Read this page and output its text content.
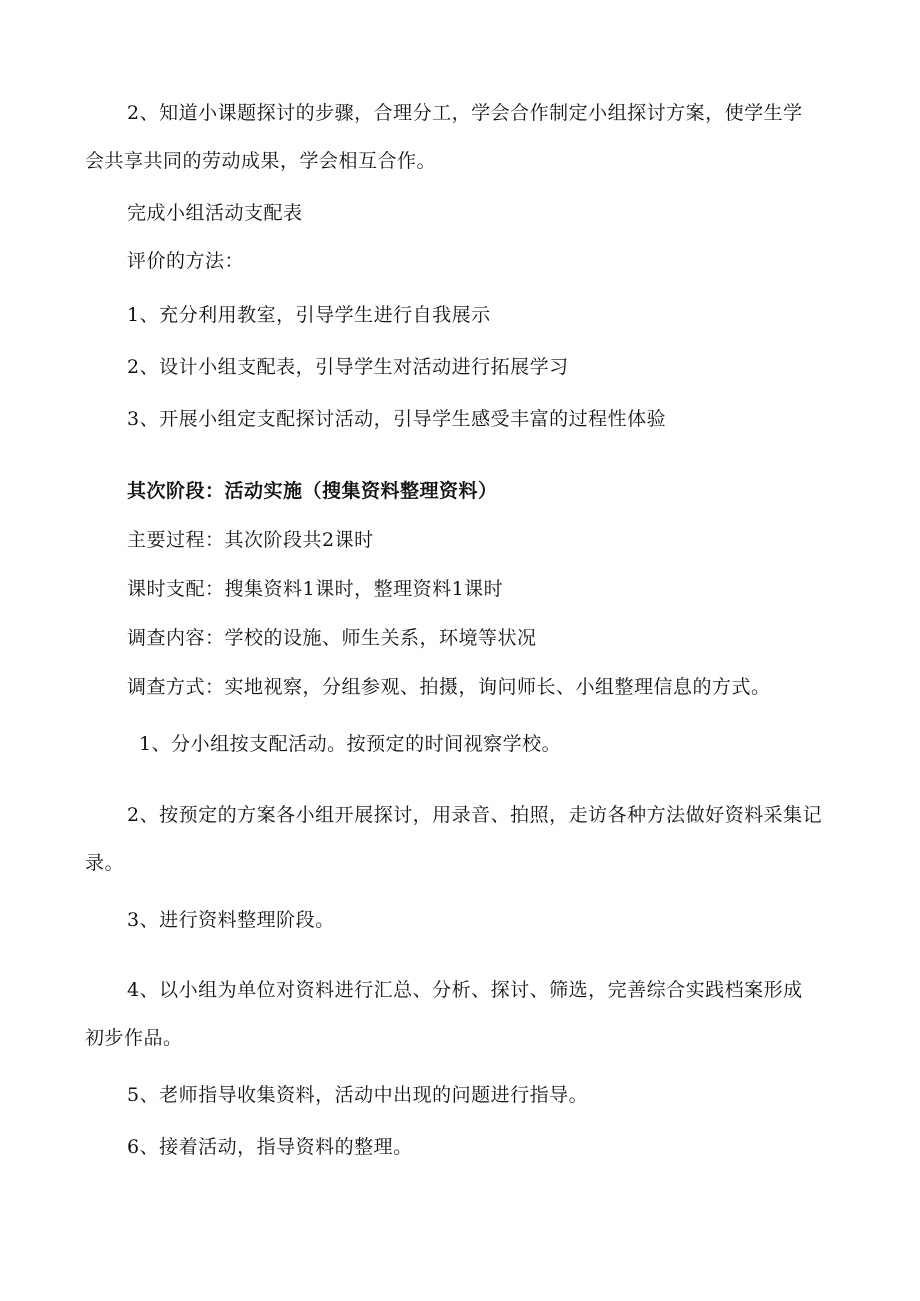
2、知道小课题探讨的步骤，合理分工，学会合作制定小组探讨方案，使学生学
会共享共同的劳动成果，学会相互合作。
完成小组活动支配表
评价的方法：
1、充分利用教室，引导学生进行自我展示
2、设计小组支配表，引导学生对活动进行拓展学习
3、开展小组定支配探讨活动，引导学生感受丰富的过程性体验
其次阶段：活动实施（搜集资料整理资料）
主要过程：其次阶段共2课时
课时支配：搜集资料1课时，整理资料1课时
调查内容：学校的设施、师生关系，环境等状况
调查方式：实地视察，分组参观、拍摄，询问师长、小组整理信息的方式。
1、分小组按支配活动。按预定的时间视察学校。
2、按预定的方案各小组开展探讨，用录音、拍照，走访各种方法做好资料采集记
录。
3、进行资料整理阶段。
4、以小组为单位对资料进行汇总、分析、探讨、筛选，完善综合实践档案形成
初步作品。
5、老师指导收集资料，活动中出现的问题进行指导。
6、接着活动，指导资料的整理。
